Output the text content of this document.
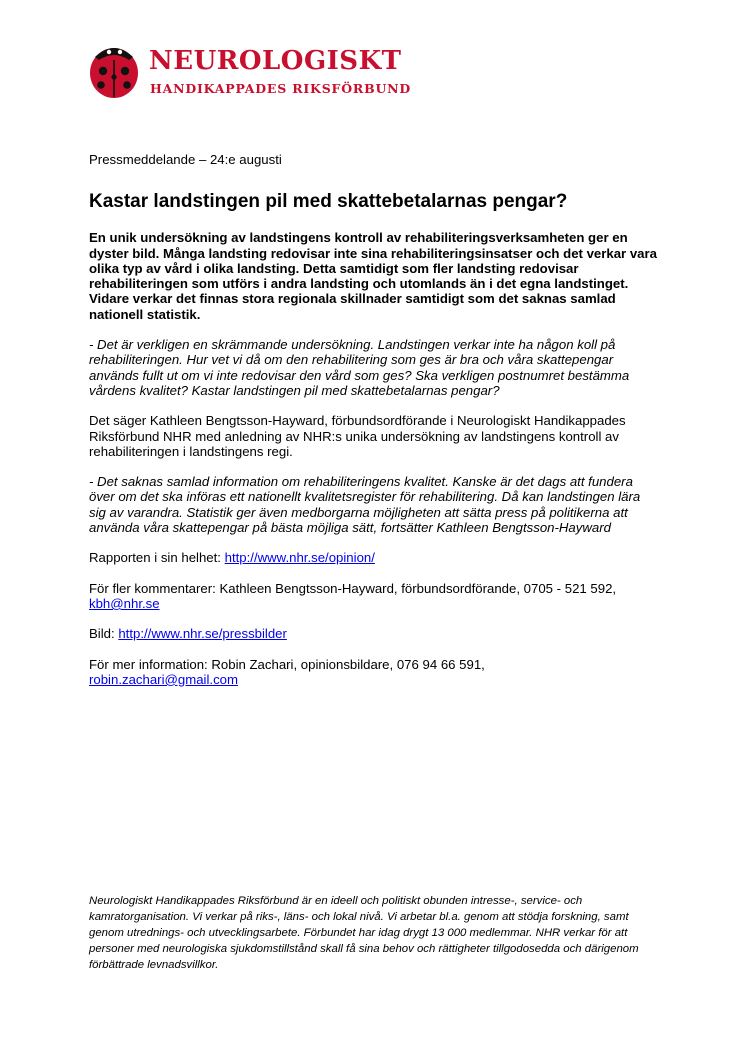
NEUROLOGISKT

HANDIKAPPADES RIKSFÖRBUND

Pressmeddelande – 24:e augusti

Kastar landstingen pil med skattebetalarnas pengar?

En unik undersökning av landstingens kontroll av rehabiliteringsverksamheten ger en dyster bild. Många landsting redovisar inte sina rehabiliteringsinsatser och det verkar vara olika typ av vård i olika landsting. Detta samtidigt som fler landsting redovisar rehabiliteringen som utförs i andra landsting och utomlands än i det egna landstinget. Vidare verkar det finnas stora regionala skillnader samtidigt som det saknas samlad nationell statistik.

- Det är verkligen en skrämmande undersökning. Landstingen verkar inte ha någon koll på rehabiliteringen. Hur vet vi då om den rehabilitering som ges är bra och våra skattepengar används fullt ut om vi inte redovisar den vård som ges? Ska verkligen postnumret bestämma vårdens kvalitet? Kastar landstingen pil med skattebetalarnas pengar?

Det säger Kathleen Bengtsson-Hayward, förbundsordförande i Neurologiskt Handikappades Riksförbund NHR med anledning av NHR:s unika undersökning av landstingens kontroll av rehabiliteringen i landstingens regi.

- Det saknas samlad information om rehabiliteringens kvalitet. Kanske är det dags att fundera över om det ska införas ett nationellt kvalitetsregister för rehabilitering. Då kan landstingen lära sig av varandra. Statistik ger även medborgarna möjligheten att sätta press på politikerna att använda våra skattepengar på bästa möjliga sätt, fortsätter Kathleen Bengtsson-Hayward

Rapporten i sin helhet: http://www.nhr.se/opinion/

För fler kommentarer: Kathleen Bengtsson-Hayward, förbundsordförande, 0705 - 521 592,
kbh@nhr.se

Bild: http://www.nhr.se/pressbilder

För mer information: Robin Zachari, opinionsbildare, 076 94 66 591,
robin.zachari@gmail.com

Neurologiskt Handikappades Riksförbund är en ideell och politiskt obunden intresse-, service- och kamratorganisation. Vi verkar på riks-, läns- och lokal nivå. Vi arbetar bl.a. genom att stödja forskning, samt genom utrednings- och utvecklingsarbete. Förbundet har idag drygt 13 000 medlemmar. NHR verkar för att personer med neurologiska sjukdomstillstånd skall få sina behov och rättigheter tillgodosedda och därigenom förbättrade levnadsvillkor.
